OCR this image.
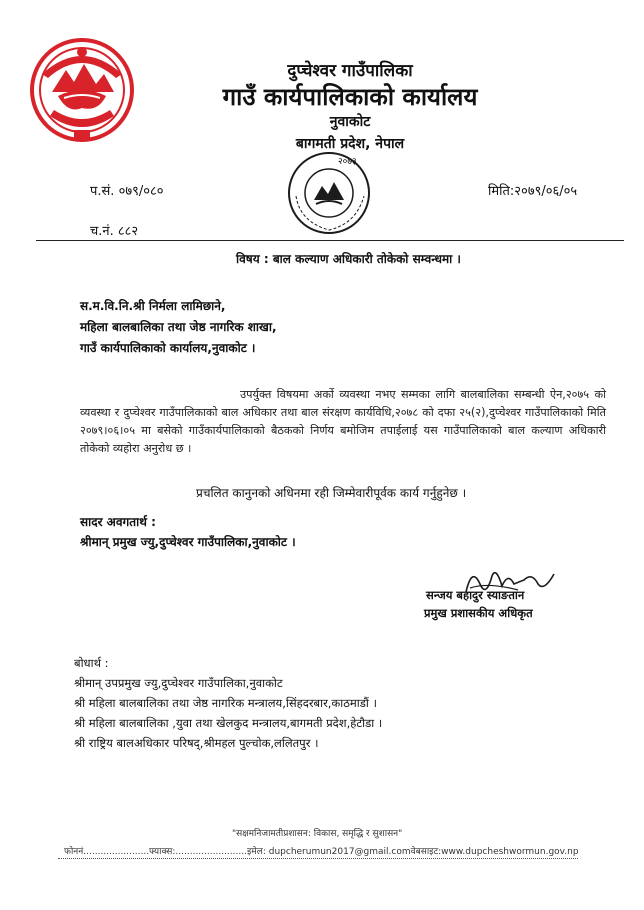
दुप्चेश्वर गाउँपालिका
गाउँ कार्यपालिकाको कार्यालय
नुवाकोट
बागमती प्रदेश, नेपाल
२०७३
प.सं. ०७९/०८०	मिति:२०७९/०६/०५
च.नं. ८८२
विषय : बाल कल्याण अधिकारी तोकेको सम्वन्धमा ।
स.म.वि.नि.श्री निर्मला लामिछाने,
महिला बालबालिका तथा जेष्ठ नागरिक शाखा,
गाउँ कार्यपालिकाको कार्यालय,नुवाकोट ।
उपर्युक्त विषयमा अर्को व्यवस्था नभए सम्मका लागि बालबालिका सम्बन्धी ऐन,२०७५ को व्यवस्था र दुप्चेश्वर गाउँपालिकाको बाल अधिकार तथा बाल संरक्षण कार्यविधि,२०७८ को दफा २५(२),दुप्चेश्वर गाउँपालिकाको मिति २०७९।०६।०५ मा बसेको गाउँकार्यपालिकाको बैठकको निर्णय बमोजिम तपाईलाई यस गाउँपालिकाको बाल कल्याण अधिकारी तोकेको व्यहोरा अनुरोध छ ।
प्रचलित कानुनको अधिनमा रही जिम्मेवारीपूर्वक कार्य गर्नुहुनेछ ।
सादर अवगतार्थ :
श्रीमान् प्रमुख ज्यु,दुप्चेश्वर गाउँपालिका,नुवाकोट ।
सन्जय बहादुर स्याङतान
प्रमुख प्रशासकीय अधिकृत
बोधार्थ :
श्रीमान् उपप्रमुख ज्यु,दुप्चेश्वर गाउँपालिका,नुवाकोट
श्री महिला बालबालिका तथा जेष्ठ नागरिक मन्त्रालय,सिंहदरबार,काठमाडौं ।
श्री महिला बालबालिका ,युवा तथा खेलकुद मन्त्रालय,बागमती प्रदेश,हेटौडा ।
श्री राष्ट्रिय बालअधिकार परिषद्,श्रीमहल पुल्चोक,ललितपुर ।
"सक्षमनिजामतीप्रशासन: विकास, समृद्धि र सुशासन"
फोननं.......................फ्याक्स:.........................इमेल: dupcherumun2017@gmail.comवेबसाइट:www.dupcheshwormun.gov.np
